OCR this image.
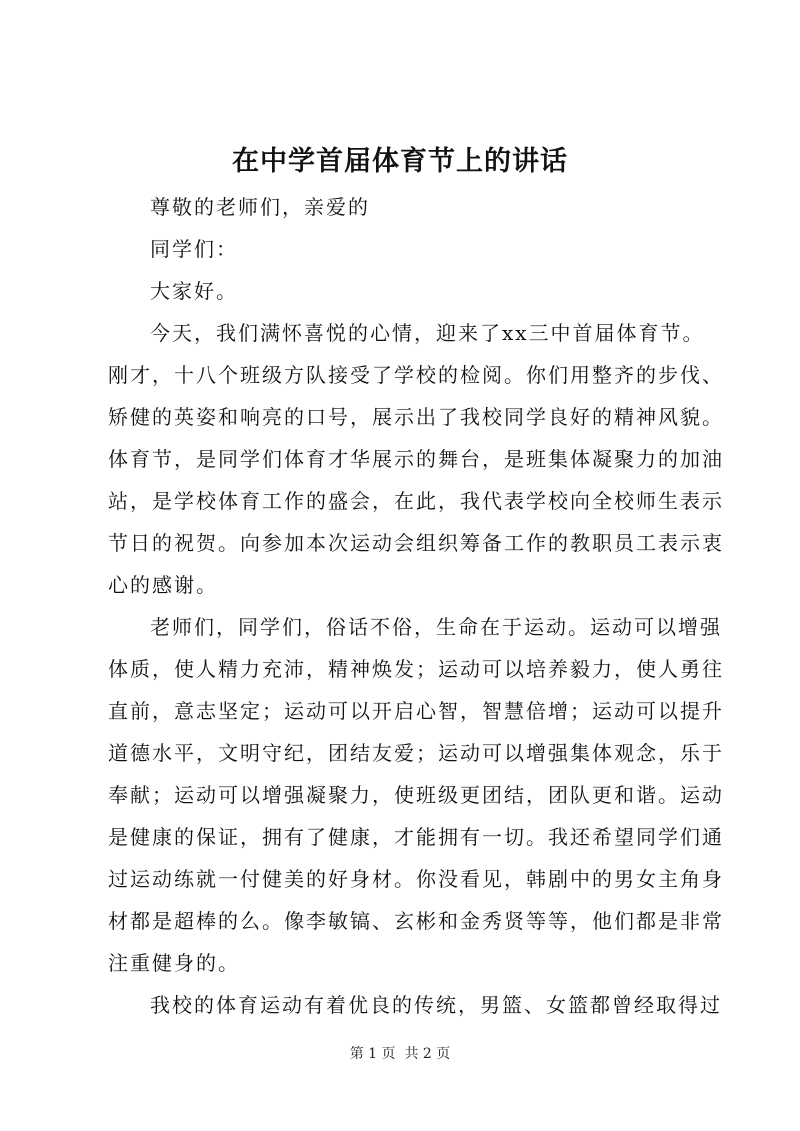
在中学首届体育节上的讲话
尊敬的老师们，亲爱的
同学们：
大家好。
今天，我们满怀喜悦的心情，迎来了xx三中首届体育节。
刚才，十八个班级方队接受了学校的检阅。你们用整齐的步伐、
矫健的英姿和响亮的口号，展示出了我校同学良好的精神风貌。
体育节，是同学们体育才华展示的舞台，是班集体凝聚力的加油
站，是学校体育工作的盛会，在此，我代表学校向全校师生表示
节日的祝贺。向参加本次运动会组织筹备工作的教职员工表示衷
心的感谢。
老师们，同学们，俗话不俗，生命在于运动。运动可以增强
体质，使人精力充沛，精神焕发；运动可以培养毅力，使人勇往
直前，意志坚定；运动可以开启心智，智慧倍增；运动可以提升
道德水平，文明守纪，团结友爱；运动可以增强集体观念，乐于
奉献；运动可以增强凝聚力，使班级更团结，团队更和谐。运动
是健康的保证，拥有了健康，才能拥有一切。我还希望同学们通
过运动练就一付健美的好身材。你没看见，韩剧中的男女主角身
材都是超棒的么。像李敏镐、玄彬和金秀贤等等，他们都是非常
注重健身的。
我校的体育运动有着优良的传统，男篮、女篮都曾经取得过
第 1 页  共 2 页
